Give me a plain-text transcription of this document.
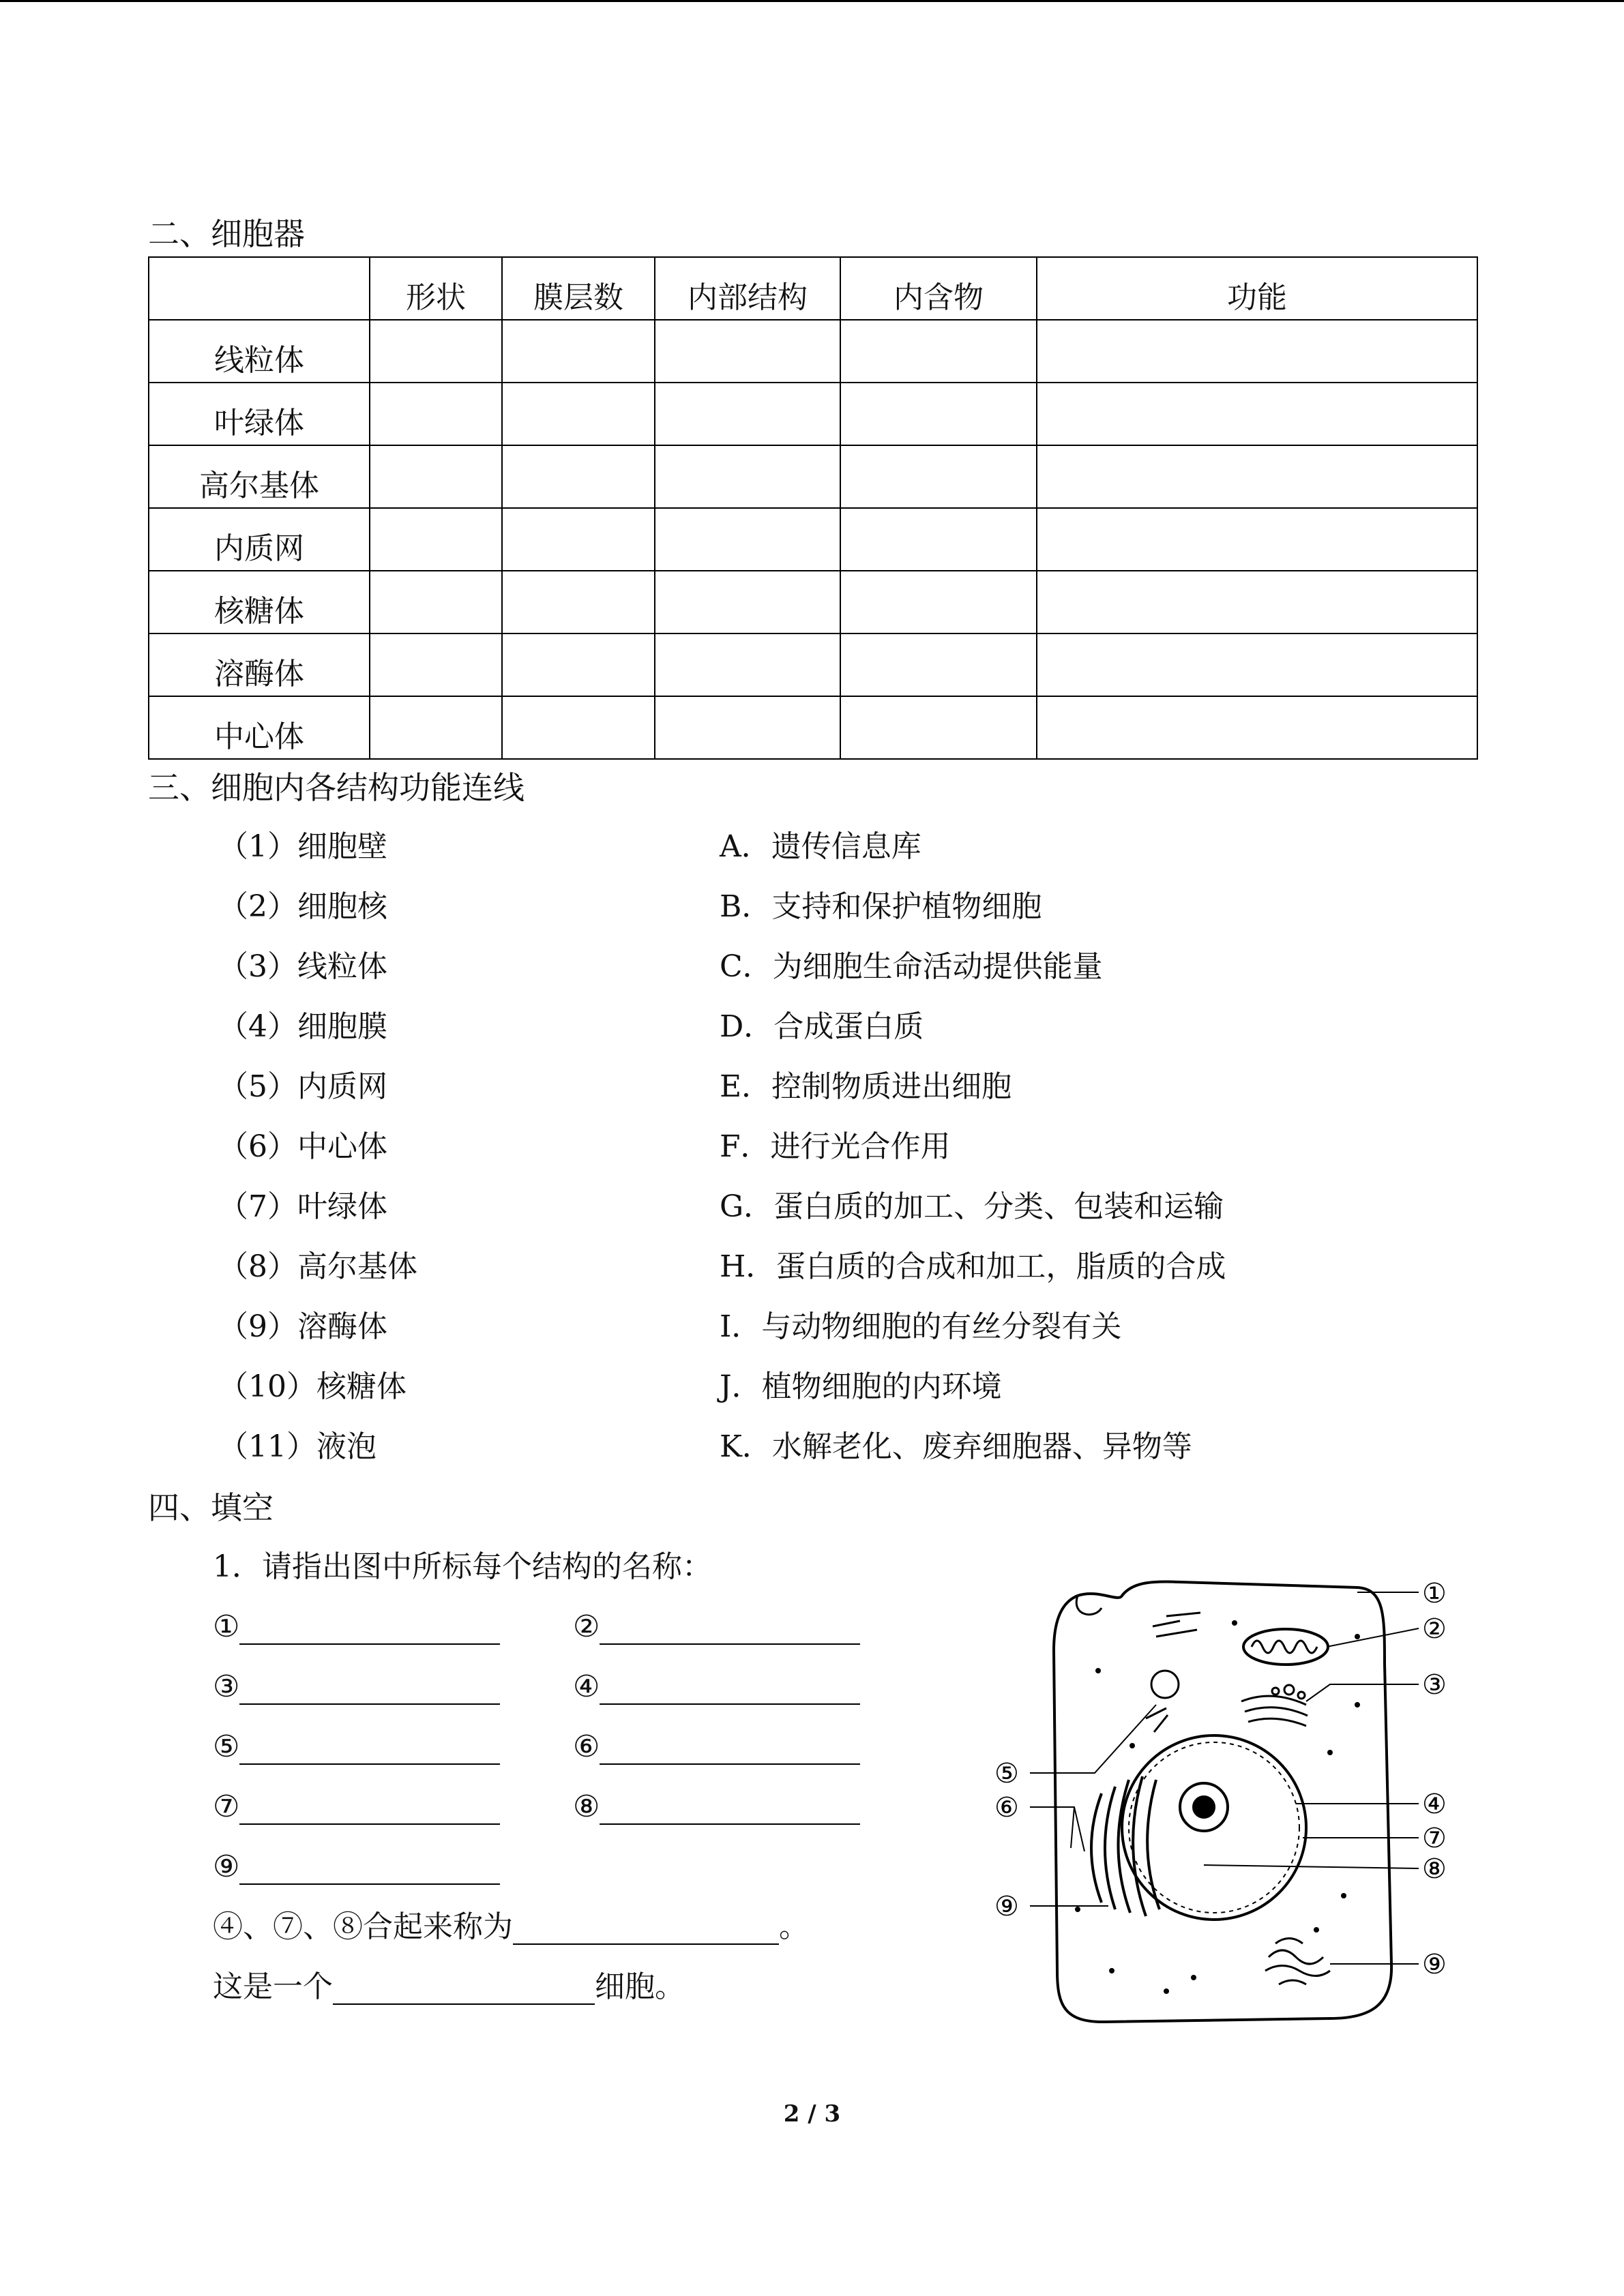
二、细胞器
	形状	膜层数	内部结构	内含物	功能
线粒体					
叶绿体					
高尔基体					
内质网					
核糖体					
溶酶体					
中心体					
三、细胞内各结构功能连线
（1）细胞壁
（2）细胞核
（3）线粒体
（4）细胞膜
（5）内质网
（6）中心体
（7）叶绿体
（8）高尔基体
（9）溶酶体
（10）核糖体
（11）液泡
A．遗传信息库
B．支持和保护植物细胞
C．为细胞生命活动提供能量
D．合成蛋白质
E．控制物质进出细胞
F．进行光合作用
G．蛋白质的加工、分类、包装和运输
H．蛋白质的合成和加工，脂质的合成
I．与动物细胞的有丝分裂有关
J．植物细胞的内环境
K．水解老化、废弃细胞器、异物等
四、填空
1．请指出图中所标每个结构的名称：
①	②
③	④
⑤	⑥
⑦	⑧
⑨
④、⑦、⑧合起来称为	。
这是一个	细胞。
①
②
③
④
⑤
⑥
⑦
⑧
⑨
⑨
2 / 3
